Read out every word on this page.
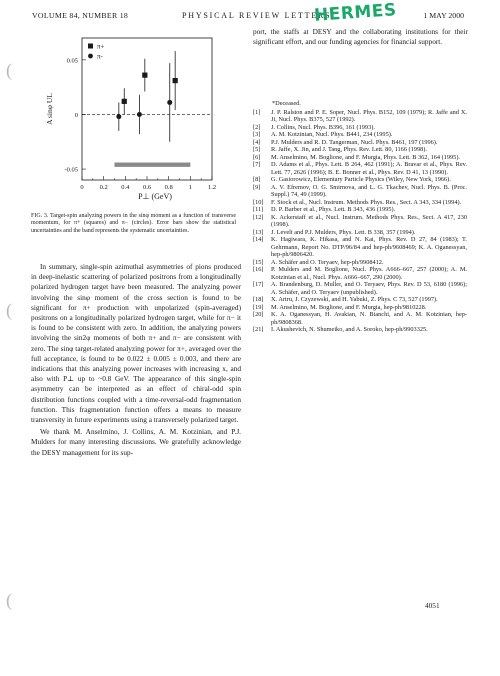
VOLUME 84, NUMBER 18	PHYSICAL REVIEW LETTERS
HERMES	1 MAY 2000
(
(
(
0 0.2 0.4 0.6 0.8 1 1.2
0.05
0
-0.05
P⊥ (GeV)
A sinφ UL
π+
π-
FIG. 3. Target-spin analyzing powers in the sinφ moment as a function of transverse momentum, for π+ (squares) and π− (circles). Error bars show the statistical uncertainties and the band represents the systematic uncertainties.

In summary, single-spin azimuthal asymmetries of pions produced in deep-inelastic scattering of polarized positrons from a longitudinally polarized hydrogen target have been measured. The analyzing power involving the sinφ moment of the cross section is found to be significant for π+ production with unpolarized (spin-averaged) positrons on a longitudinally polarized hydrogen target, while for π− it is found to be consistent with zero. In addition, the analyzing powers involving the sin2φ moments of both π+ and π− are consistent with zero. The sinφ target-related analyzing power for π+, averaged over the full acceptance, is found to be 0.022 ± 0.005 ± 0.003, and there are indications that this analyzing power increases with increasing x, and also with P⊥ up to ~0.8 GeV. The appearance of this single-spin asymmetry can be interpreted as an effect of chiral-odd spin distribution functions coupled with a time-reversal-odd fragmentation function. This fragmentation function offers a means to measure transversity in future experiments using a transversely polarized target.

We thank M. Anselmino, J. Collins, A. M. Kotzinian, and P.J. Mulders for many interesting discussions. We gratefully acknowledge the DESY management for its sup-

port, the staffs at DESY and the collaborating institutions for their significant effort, and our funding agencies for financial support.
*Deceased.
[1] J. P. Ralston and P. E. Soper, Nucl. Phys. B152, 109 (1979); R. Jaffe and X. Ji, Nucl. Phys. B375, 527 (1992).
[2] J. Collins, Nucl. Phys. B396, 161 (1993).
[3] A. M. Kotzinian, Nucl. Phys. B441, 234 (1995).
[4] P.J. Mulders and R. D. Tangerman, Nucl. Phys. B461, 197 (1996).
[5] R. Jaffe, X. Jin, and J. Tang, Phys. Rev. Lett. 80, 1166 (1998).
[6] M. Anselmino, M. Boglione, and F. Murgia, Phys. Lett. B 362, 164 (1995).
[7] D. Adams et al., Phys. Lett. B 264, 462 (1991); A. Bravar et al., Phys. Rev. Lett. 77, 2626 (1996); B. E. Bonner et al., Phys. Rev. D 41, 13 (1990).
[8] G. Gasiorowicz, Elementary Particle Physics (Wiley, New York, 1966).
[9] A. V. Efremov, O. G. Smirnova, and L. G. Tkachev, Nucl. Phys. B. (Proc. Suppl.) 74, 49 (1999).
[10] F. Stock et al., Nucl. Instrum. Methods Phys. Res., Sect. A 343, 334 (1994).
[11] D. P. Barber et al., Phys. Lett. B 343, 436 (1995).
[12] K. Ackerstaff et al., Nucl. Instrum. Methods Phys. Res., Sect. A 417, 230 (1998).
[13] J. Levelt and P.J. Mulders, Phys. Lett. B 338, 357 (1994).
[14] K. Hagiwara, K. Hikasa, and N. Kai, Phys. Rev. D 27, 84 (1983); T. Gehrmann, Report No. DTP/96/84 and hep-ph/9608469; K. A. Oganessyan, hep-ph/9806420.
[15] A. Schäfer and O. Teryaev, hep-ph/9908412.
[16] P. Mulders and M. Boglione, Nucl. Phys. A666–667, 257 (2000); A. M. Kotzinian et al., Nucl. Phys. A666–667, 290 (2000).
[17] A. Brandenburg, D. Muller, and O. Teryaev, Phys. Rev. D 53, 6180 (1996); A. Schäfer, and O. Teryaev (unpublished).
[18] X. Artru, J. Czyzewski, and H. Yabuki, Z. Phys. C 73, 527 (1997).
[19] M. Anselmino, M. Boglione, and F. Murgia, hep-ph/9810228.
[20] K. A. Oganessyan, H. Avakian, N. Bianchi, and A. M. Kotzinian, hep-ph/9808368.
[21] I. Akushevich, N. Shumeiko, and A. Soroko, hep-ph/9903325.
4051
